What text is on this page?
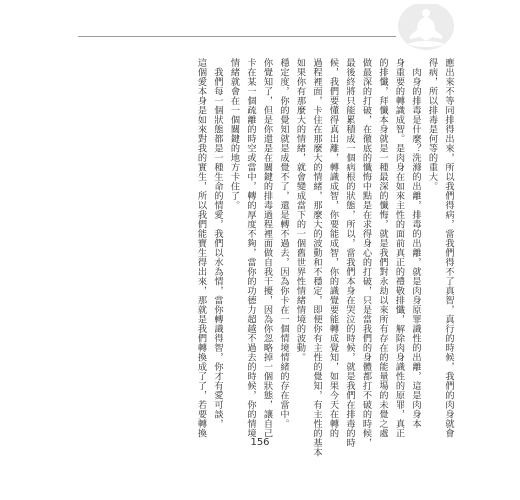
應出來不等同排得出來，所以我們得病，當我們得不了真智，真行的時候，我們的肉身就會
得病，所以排毒是何等的重大。
　肉身的排毒是什麼？洗滌的出離，排毒的出離，就是肉身原罪識性的出離，這是肉身本
身重要的轉識成智。是肉身在如來主性的面前真正的禮敬排懺，解除肉身識性的原罪，真正
的排懺，拜懺本身就是一種最深的懺悔，就是我們對永劫以來所有存在的能量場的未覺之處
做最深的打破，在徹底的懺悔中點是在求得身心的打破，只是當我們的身體都打不破的時候，
最後終將只能累積成一個病根的狀態，所以，當我們本身在哭泣的時候，就是我們在排毒的時
候，我們要懂得真出離，轉識成智，你要能成智，你的識覺要能轉成覺知，如果今天在轉的
過程裡面，卡住在那麼大的情緒，那麼大的波動和不穩定，即便你有主性的覺知，有主性的基本
如果你有那麼大的情緒，就會變成當下的一個舊世界性情緒情境的波動。
穩定度，你的覺知就是成覺不了，還是轉不過去，因為你卡在一個情境情緒的存在當中。
你覺知了，但是你還是在關鍵的排毒過程裡面做自我干擾，因為你忽略掉一個狀態，讓自己
卡在某一個疏離的時空或當中，轉的厚度不夠，當你的功德力超越不過去的時候，你的情境
情緒就會在一個關鍵的地方卡住了。
　我們每一個狀態都是一種生命的情愛，我們以水為情，當你轉識得智，你才有愛可談，
這個愛本身是如來對我的實生，所以我們能寶生得出來，那就是我們轉換成了了，若要轉換
156
